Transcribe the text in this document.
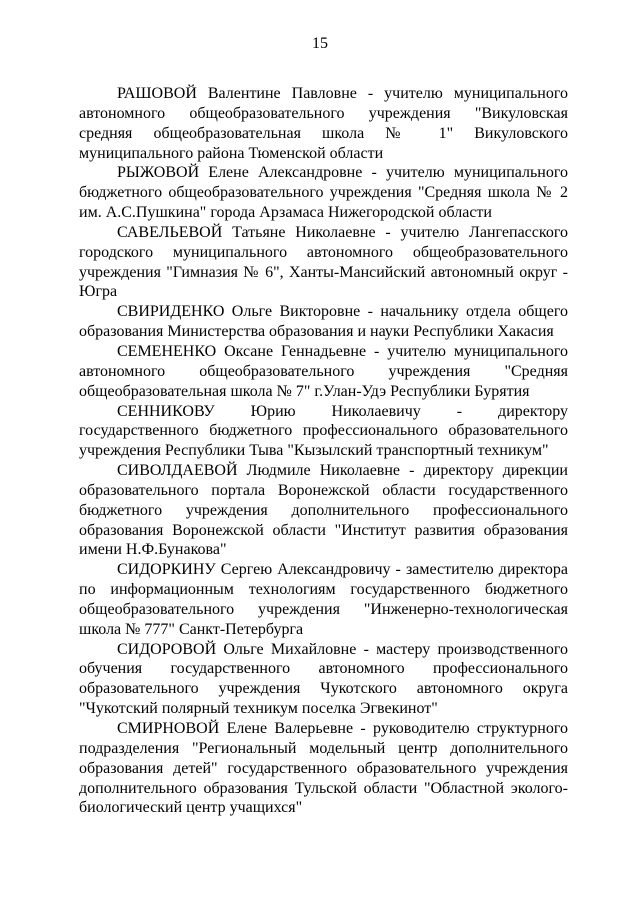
15
РАШОВОЙ Валентине Павловне - учителю муниципального
автономного общеобразовательного учреждения "Викуловская
средняя общеобразовательная школа № 1" Викуловского
муниципального района Тюменской области
РЫЖОВОЙ Елене Александровне - учителю муниципального
бюджетного общеобразовательного учреждения "Средняя школа № 2
им. А.С.Пушкина" города Арзамаса Нижегородской области
САВЕЛЬЕВОЙ Татьяне Николаевне - учителю Лангепасского
городского муниципального автономного общеобразовательного
учреждения "Гимназия № 6", Ханты-Мансийский автономный округ -
Югра
СВИРИДЕНКО Ольге Викторовне - начальнику отдела общего
образования Министерства образования и науки Республики Хакасия
СЕМЕНЕНКО Оксане Геннадьевне - учителю муниципального
автономного общеобразовательного учреждения "Средняя
общеобразовательная школа № 7" г.Улан-Удэ Республики Бурятия
СЕННИКОВУ Юрию Николаевичу - директору
государственного бюджетного профессионального образовательного
учреждения Республики Тыва "Кызылский транспортный техникум"
СИВОЛДАЕВОЙ Людмиле Николаевне - директору дирекции
образовательного портала Воронежской области государственного
бюджетного учреждения дополнительного профессионального
образования Воронежской области "Институт развития образования
имени Н.Ф.Бунакова"
СИДОРКИНУ Сергею Александровичу - заместителю директора
по информационным технологиям государственного бюджетного
общеобразовательного учреждения "Инженерно-технологическая
школа № 777" Санкт-Петербурга
СИДОРОВОЙ Ольге Михайловне - мастеру производственного
обучения государственного автономного профессионального
образовательного учреждения Чукотского автономного округа
"Чукотский полярный техникум поселка Эгвекинот"
СМИРНОВОЙ Елене Валерьевне - руководителю структурного
подразделения "Региональный модельный центр дополнительного
образования детей" государственного образовательного учреждения
дополнительного образования Тульской области "Областной эколого-
биологический центр учащихся"
